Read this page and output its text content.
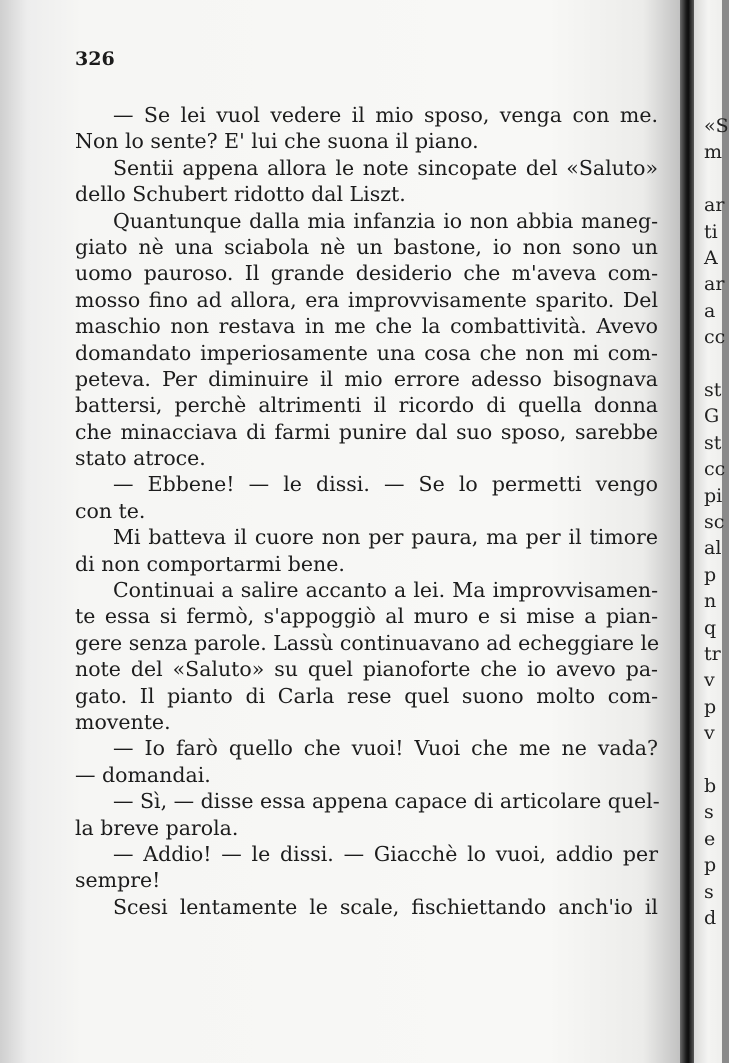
326
— Se lei vuol vedere il mio sposo, venga con me.
Non lo sente? E' lui che suona il piano.
Sentii appena allora le note sincopate del «Saluto»
dello Schubert ridotto dal Liszt.
Quantunque dalla mia infanzia io non abbia maneg-
giato nè una sciabola nè un bastone, io non sono un
uomo pauroso. Il grande desiderio che m'aveva com-
mosso fino ad allora, era improvvisamente sparito. Del
maschio non restava in me che la combattività. Avevo
domandato imperiosamente una cosa che non mi com-
peteva. Per diminuire il mio errore adesso bisognava
battersi, perchè altrimenti il ricordo di quella donna
che minacciava di farmi punire dal suo sposo, sarebbe
stato atroce.
— Ebbene! — le dissi. — Se lo permetti vengo
con te.
Mi batteva il cuore non per paura, ma per il timore
di non comportarmi bene.
Continuai a salire accanto a lei. Ma improvvisamen-
te essa si fermò, s'appoggiò al muro e si mise a pian-
gere senza parole. Lassù continuavano ad echeggiare le
note del «Saluto» su quel pianoforte che io avevo pa-
gato. Il pianto di Carla rese quel suono molto com-
movente.
— Io farò quello che vuoi! Vuoi che me ne vada?
— domandai.
— Sì, — disse essa appena capace di articolare quel-
la breve parola.
— Addio! — le dissi. — Giacchè lo vuoi, addio per
sempre!
Scesi lentamente le scale, fischiettando anch'io il
«S
m
ar
ti
A
ar
a
cc
st
G
st
cc
pi
sc
al
p
n
q
tr
v
p
v
b
s
e
p
s
d
